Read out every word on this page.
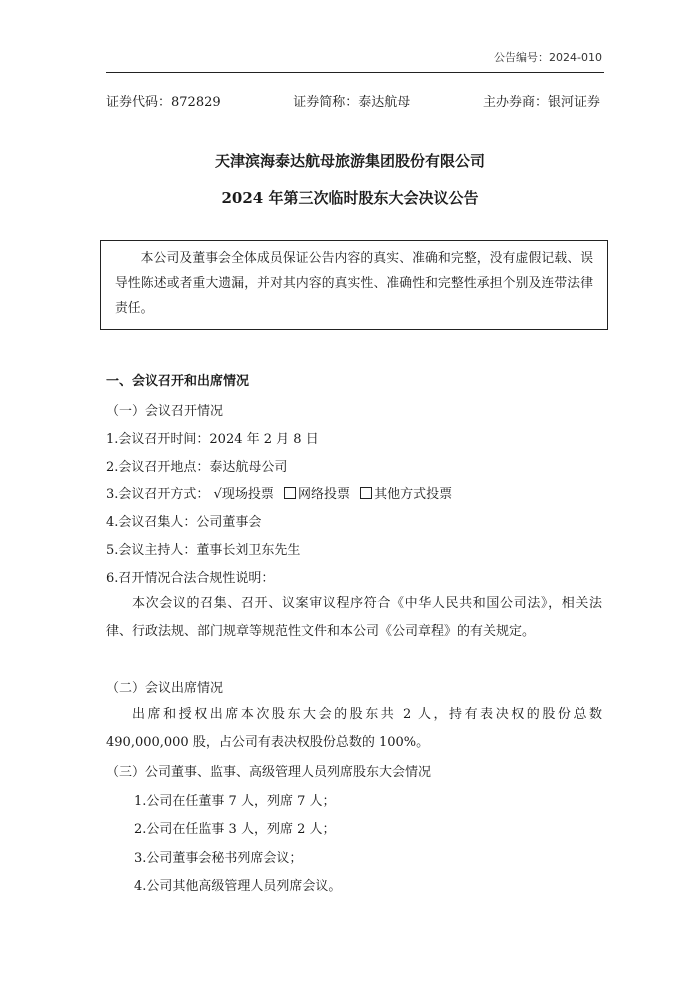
公告编号：2024-010
证券代码：872829	证券简称：泰达航母	主办券商：银河证券
天津滨海泰达航母旅游集团股份有限公司
2024 年第三次临时股东大会决议公告
本公司及董事会全体成员保证公告内容的真实、准确和完整，没有虚假记载、误导性陈述或者重大遗漏，并对其内容的真实性、准确性和完整性承担个别及连带法律责任。
一、会议召开和出席情况
（一）会议召开情况
1.会议召开时间：2024 年 2 月 8 日
2.会议召开地点：泰达航母公司
3.会议召开方式： √现场投票 网络投票 其他方式投票
4.会议召集人：公司董事会
5.会议主持人：董事长刘卫东先生
6.召开情况合法合规性说明：
本次会议的召集、召开、议案审议程序符合《中华人民共和国公司法》，相关法律、行政法规、部门规章等规范性文件和本公司《公司章程》的有关规定。
（二）会议出席情况
出席和授权出席本次股东大会的股东共 2 人，持有表决权的股份总数 490,000,000 股，占公司有表决权股份总数的 100%。
（三）公司董事、监事、高级管理人员列席股东大会情况
1.公司在任董事 7 人，列席 7 人；
2.公司在任监事 3 人，列席 2 人；
3.公司董事会秘书列席会议；
4.公司其他高级管理人员列席会议。
